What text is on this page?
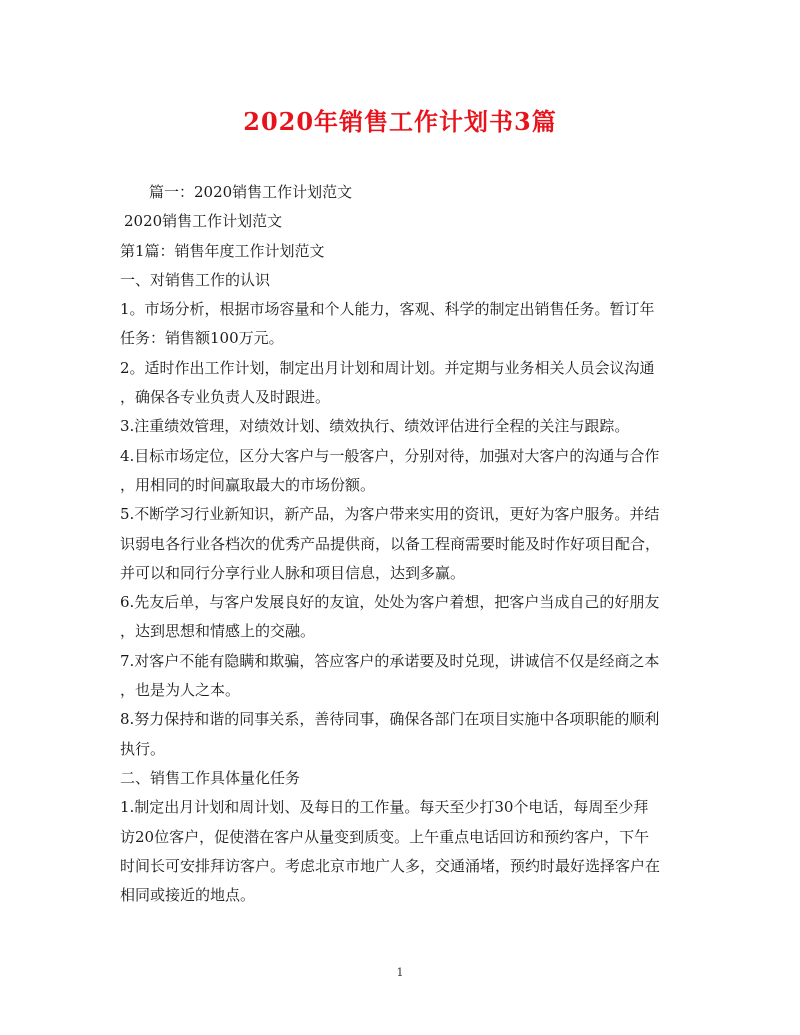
2020年销售工作计划书3篇
篇一：2020销售工作计划范文
2020销售工作计划范文
第1篇：销售年度工作计划范文
一、对销售工作的认识
1。市场分析，根据市场容量和个人能力，客观、科学的制定出销售任务。暂订年
任务：销售额100万元。
2。适时作出工作计划，制定出月计划和周计划。并定期与业务相关人员会议沟通
，确保各专业负责人及时跟进。
3.注重绩效管理，对绩效计划、绩效执行、绩效评估进行全程的关注与跟踪。
4.目标市场定位，区分大客户与一般客户，分别对待，加强对大客户的沟通与合作
，用相同的时间赢取最大的市场份额。
5.不断学习行业新知识，新产品，为客户带来实用的资讯，更好为客户服务。并结
识弱电各行业各档次的优秀产品提供商，以备工程商需要时能及时作好项目配合，
并可以和同行分享行业人脉和项目信息，达到多赢。
6.先友后单，与客户发展良好的友谊，处处为客户着想，把客户当成自己的好朋友
，达到思想和情感上的交融。
7.对客户不能有隐瞒和欺骗，答应客户的承诺要及时兑现，讲诚信不仅是经商之本
，也是为人之本。
8.努力保持和谐的同事关系，善待同事，确保各部门在项目实施中各项职能的顺利
执行。
二、销售工作具体量化任务
1.制定出月计划和周计划、及每日的工作量。每天至少打30个电话，每周至少拜
访20位客户，促使潜在客户从量变到质变。上午重点电话回访和预约客户，下午
时间长可安排拜访客户。考虑北京市地广人多，交通涌堵，预约时最好选择客户在
相同或接近的地点。
1
